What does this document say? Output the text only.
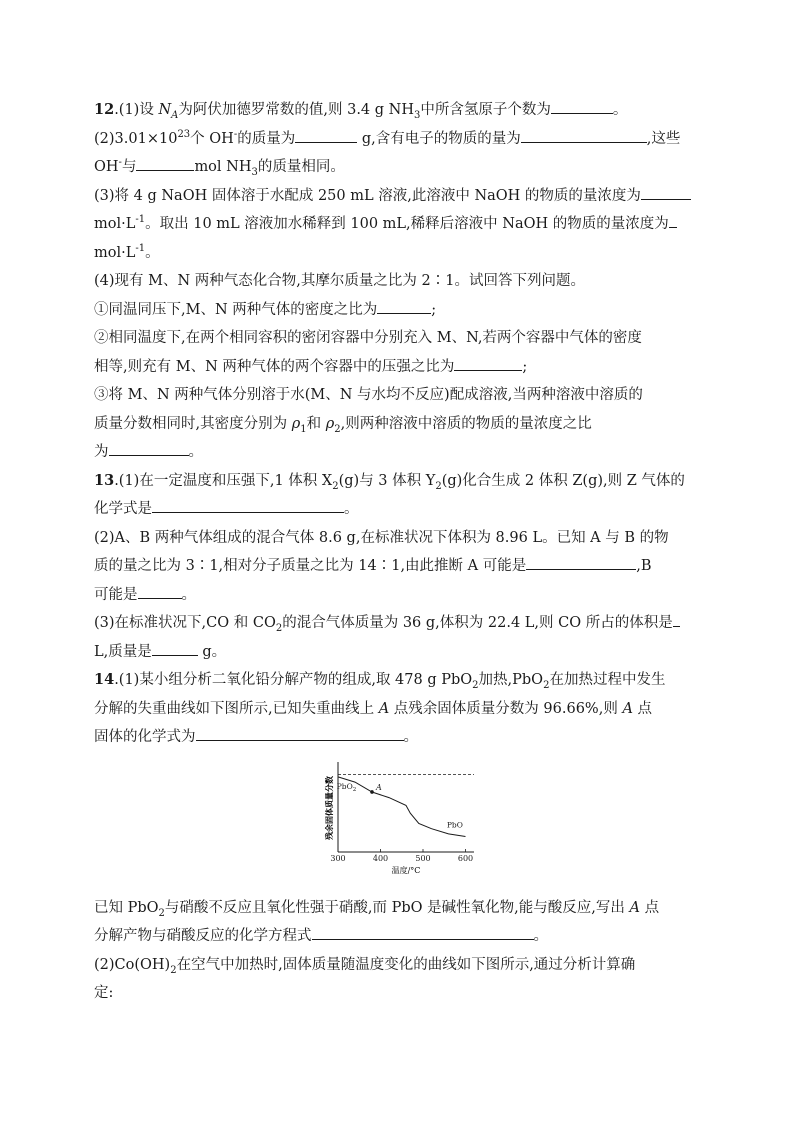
12.(1)设 $N_A$为阿伏加德罗常数的值,则 3.4 g $NH_3$中所含氢原子个数为	。
$(2)3.01\times 10^{23}$个 OH-的质量为	g,含有电子的物质的量为	,这些
OH-与	mol $NH_3$的质量相同。
(3)将 4 g NaOH 固体溶于水配成 250 mL 溶液,此溶液中 NaOH 的物质的量浓度为
$mol\cdot L^{-1}$。取出 10 mL 溶液加水稀释到 100 mL,稀释后溶液中 NaOH 的物质的量浓度为
$mol\cdot L^{-1}$。
(4)现有 M、N 两种气态化合物,其摩尔质量之比为 2∶1。试回答下列问题。
①同温同压下,M、N 两种气体的密度之比为	;
②相同温度下,在两个相同容积的密闭容器中分别充入 M、N,若两个容器中气体的密度
相等,则充有 M、N 两种气体的两个容器中的压强之比为	;
③将 M、N 两种气体分别溶于水(M、N 与水均不反应)配成溶液,当两种溶液中溶质的
质量分数相同时,其密度分别为 $\rho_1$和 $\rho_2$,则两种溶液中溶质的物质的量浓度之比
为	。
13.(1)在一定温度和压强下,1 体积 $X_2(g)$与 3 体积 $Y_2(g)$化合生成 2 体积 Z(g),则 Z 气体的
化学式是	。
(2)A、B 两种气体组成的混合气体 8.6 g,在标准状况下体积为 8.96 L。已知 A 与 B 的物
质的量之比为 3∶1,相对分子质量之比为 14∶1,由此推断 A 可能是	,B
可能是	。
(3)在标准状况下,CO 和 $CO_2$的混合气体质量为 36 g,体积为 22.4 L,则 CO 所占的体积是
L,质量是	g。
14.(1)某小组分析二氧化铅分解产物的组成,取 478 g PbO$_2$加热,PbO$_2$在加热过程中发生
分解的失重曲线如下图所示,已知失重曲线上 A 点残余固体质量分数为 96.66%,则 A 点
固体的化学式为	。
已知 PbO$_2$与硝酸不反应且氧化性强于硝酸,而 PbO 是碱性氧化物,能与酸反应,写出 A 点
分解产物与硝酸反应的化学方程式	。
$(2)Co(OH)_2$在空气中加热时,固体质量随温度变化的曲线如下图所示,通过分析计算确
定:
300	400	500	600
PbO$_2$ A
PbO
残余固体质量分数
温度/°C
